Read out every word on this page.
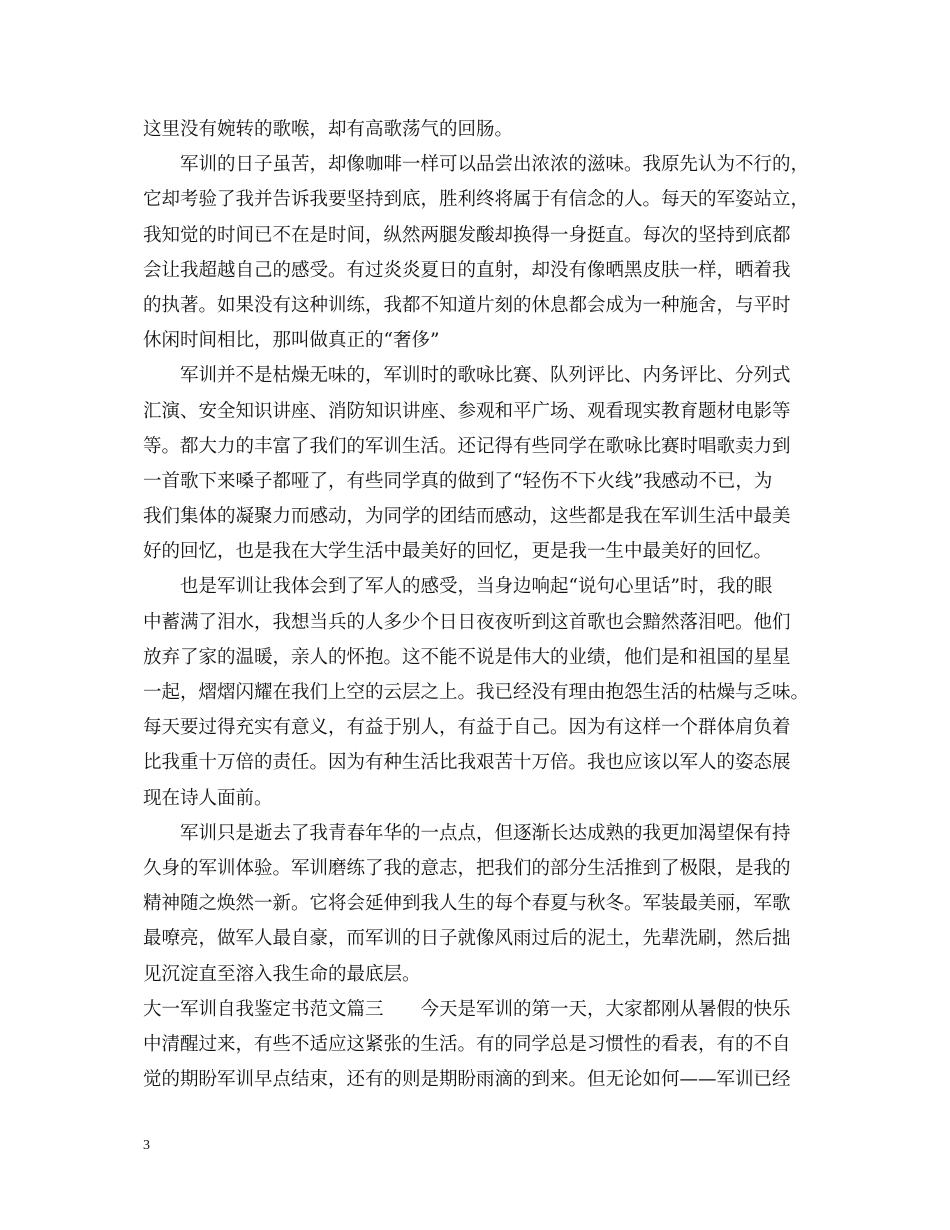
这里没有婉转的歌喉，却有高歌荡气的回肠。
军训的日子虽苦，却像咖啡一样可以品尝出浓浓的滋味。我原先认为不行的，
它却考验了我并告诉我要坚持到底，胜利终将属于有信念的人。每天的军姿站立，
我知觉的时间已不在是时间，纵然两腿发酸却换得一身挺直。每次的坚持到底都
会让我超越自己的感受。有过炎炎夏日的直射，却没有像晒黑皮肤一样，晒着我
的执著。如果没有这种训练，我都不知道片刻的休息都会成为一种施舍，与平时
休闲时间相比，那叫做真正的“奢侈”
军训并不是枯燥无味的，军训时的歌咏比赛、队列评比、内务评比、分列式
汇演、安全知识讲座、消防知识讲座、参观和平广场、观看现实教育题材电影等
等。都大力的丰富了我们的军训生活。还记得有些同学在歌咏比赛时唱歌卖力到
一首歌下来嗓子都哑了，有些同学真的做到了“轻伤不下火线”我感动不已，为
我们集体的凝聚力而感动，为同学的团结而感动，这些都是我在军训生活中最美
好的回忆，也是我在大学生活中最美好的回忆，更是我一生中最美好的回忆。
也是军训让我体会到了军人的感受，当身边响起“说句心里话”时，我的眼
中蓄满了泪水，我想当兵的人多少个日日夜夜听到这首歌也会黯然落泪吧。他们
放弃了家的温暖，亲人的怀抱。这不能不说是伟大的业绩，他们是和祖国的星星
一起，熠熠闪耀在我们上空的云层之上。我已经没有理由抱怨生活的枯燥与乏味。
每天要过得充实有意义，有益于别人，有益于自己。因为有这样一个群体肩负着
比我重十万倍的责任。因为有种生活比我艰苦十万倍。我也应该以军人的姿态展
现在诗人面前。
军训只是逝去了我青春年华的一点点，但逐渐长达成熟的我更加渴望保有持
久身的军训体验。军训磨练了我的意志，把我们的部分生活推到了极限，是我的
精神随之焕然一新。它将会延伸到我人生的每个春夏与秋冬。军装最美丽，军歌
最嘹亮，做军人最自豪，而军训的日子就像风雨过后的泥土，先辈洗刷，然后拙
见沉淀直至溶入我生命的最底层。
大一军训自我鉴定书范文篇三　　今天是军训的第一天，大家都刚从暑假的快乐
中清醒过来，有些不适应这紧张的生活。有的同学总是习惯性的看表，有的不自
觉的期盼军训早点结束，还有的则是期盼雨滴的到来。但无论如何——军训已经
3
